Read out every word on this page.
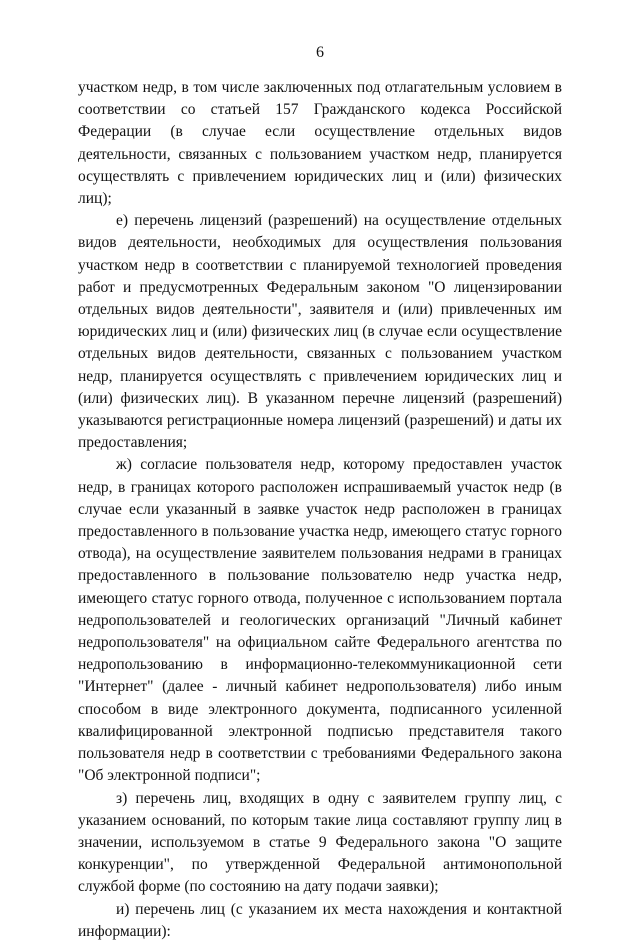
6

участком недр, в том числе заключенных под отлагательным условием в соответствии со статьей 157 Гражданского кодекса Российской Федерации (в случае если осуществление отдельных видов деятельности, связанных с пользованием участком недр, планируется осуществлять с привлечением юридических лиц и (или) физических лиц);

е) перечень лицензий (разрешений) на осуществление отдельных видов деятельности, необходимых для осуществления пользования участком недр в соответствии с планируемой технологией проведения работ и предусмотренных Федеральным законом "О лицензировании отдельных видов деятельности", заявителя и (или) привлеченных им юридических лиц и (или) физических лиц (в случае если осуществление отдельных видов деятельности, связанных с пользованием участком недр, планируется осуществлять с привлечением юридических лиц и (или) физических лиц). В указанном перечне лицензий (разрешений) указываются регистрационные номера лицензий (разрешений) и даты их предоставления;

ж) согласие пользователя недр, которому предоставлен участок недр, в границах которого расположен испрашиваемый участок недр (в случае если указанный в заявке участок недр расположен в границах предоставленного в пользование участка недр, имеющего статус горного отвода), на осуществление заявителем пользования недрами в границах предоставленного в пользование пользователю недр участка недр, имеющего статус горного отвода, полученное с использованием портала недропользователей и геологических организаций "Личный кабинет недропользователя" на официальном сайте Федерального агентства по недропользованию в информационно-телекоммуникационной сети "Интернет" (далее - личный кабинет недропользователя) либо иным способом в виде электронного документа, подписанного усиленной квалифицированной электронной подписью представителя такого пользователя недр в соответствии с требованиями Федерального закона "Об электронной подписи";

з) перечень лиц, входящих в одну с заявителем группу лиц, с указанием оснований, по которым такие лица составляют группу лиц в значении, используемом в статье 9 Федерального закона "О защите конкуренции", по утвержденной Федеральной антимонопольной службой форме (по состоянию на дату подачи заявки);

и) перечень лиц (с указанием их места нахождения и контактной информации):
